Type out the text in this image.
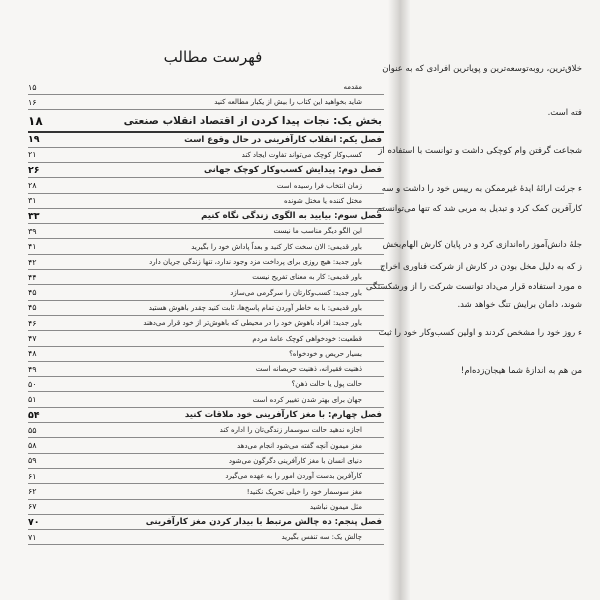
فهرست مطالب
مقدمه
۱۵
شاید بخواهید این کتاب را بیش از یکبار مطالعه کنید
۱۶
بخش یک: نجات پیدا کردن از اقتصاد انقلاب صنعتی
۱۸
فصل یکم: انقلاب کارآفرینی در حال وقوع است
۱۹
کسب‌وکار کوچک می‌تواند تفاوت ایجاد کند
۲۱
فصل دوم: پیدایش کسب‌وکار کوچک جهانی
۲۶
زمان انتخاب فرا رسیده است
۲۸
مختل کننده یا مختل شونده
۳۱
فصل سوم: بیایید به الگوی زندگی نگاه کنیم
۳۳
این الگو دیگر مناسب ما نیست
۳۹
باور قدیمی: الان سخت کار کنید و بعداً پاداش خود را بگیرید
۴۱
باور جدید: هیچ روزی برای پرداخت مزد وجود ندارد، تنها زندگی جریان دارد
۴۲
باور قدیمی: کار به معنای تفریح نیست
۴۴
باور جدید: کسب‌وکارتان را سرگرمی می‌سازد
۴۵
باور قدیمی: با به خاطر آوردن تمام پاسخ‌ها، ثابت کنید چقدر باهوش هستید
۴۵
باور جدید: افراد باهوش خود را در محیطی که باهوش‌تر از خود قرار می‌دهند
۴۶
قطعیت: خودخواهی کوچک عامهٔ مردم
۴۷
بسیار حریص و خودخواه؟
۴۸
ذهنیت فقیرانه، ذهنیت حریصانه است
۴۹
حالت پول یا حالت ذهن؟
۵۰
جهان برای بهتر شدن تغییر کرده است
۵۱
فصل چهارم: با مغز کارآفرینی خود ملاقات کنید
۵۴
اجازه ندهید حالت سوسمار زندگی‌تان را اداره کند
۵۵
مغز میمون آنچه گفته می‌شود انجام می‌دهد
۵۸
دنیای انسان با مغز کارآفرینی دگرگون می‌شود
۵۹
کارآفرین بدست آوردن امور را به عهده می‌گیرد
۶۱
مغز سوسمار خود را خیلی تحریک نکنید!
۶۲
مثل میمون نباشید
۶۷
فصل پنجم: ده چالش مرتبط با بیدار کردن مغز کارآفرینی
۷۰
چالش یک: سه تنفس بگیرید
۷۱
خلاق‌ترین، روبه‌توسعه‌ترین و پویاترین افرادی که به عنوان
فته است.
شجاعت گرفتن وام کوچکی داشت و توانست با استفاده از
ء جرئت ارائهٔ ایدهٔ غیرممکن به رییس خود را داشت و سه
کارآفرین کمک کرد و تبدیل به مربی شد که تنها می‌توانستم
جلهٔ دانش‌آموز راه‌اندازی کرد و در پایان کارش الهام‌بخش
ز که به دلیل مخل بودن در کارش از شرکت فناوری اخراج
ه مورد استفاده قرار می‌داد توانست شرکت را از ورشکستگی
شوند، دامان برایش تنگ خواهد شد.
ء روز خود را مشخص کردند و اولین کسب‌وکار خود را ثبت
من هم به اندازهٔ شما هیجان‌زده‌ام!
